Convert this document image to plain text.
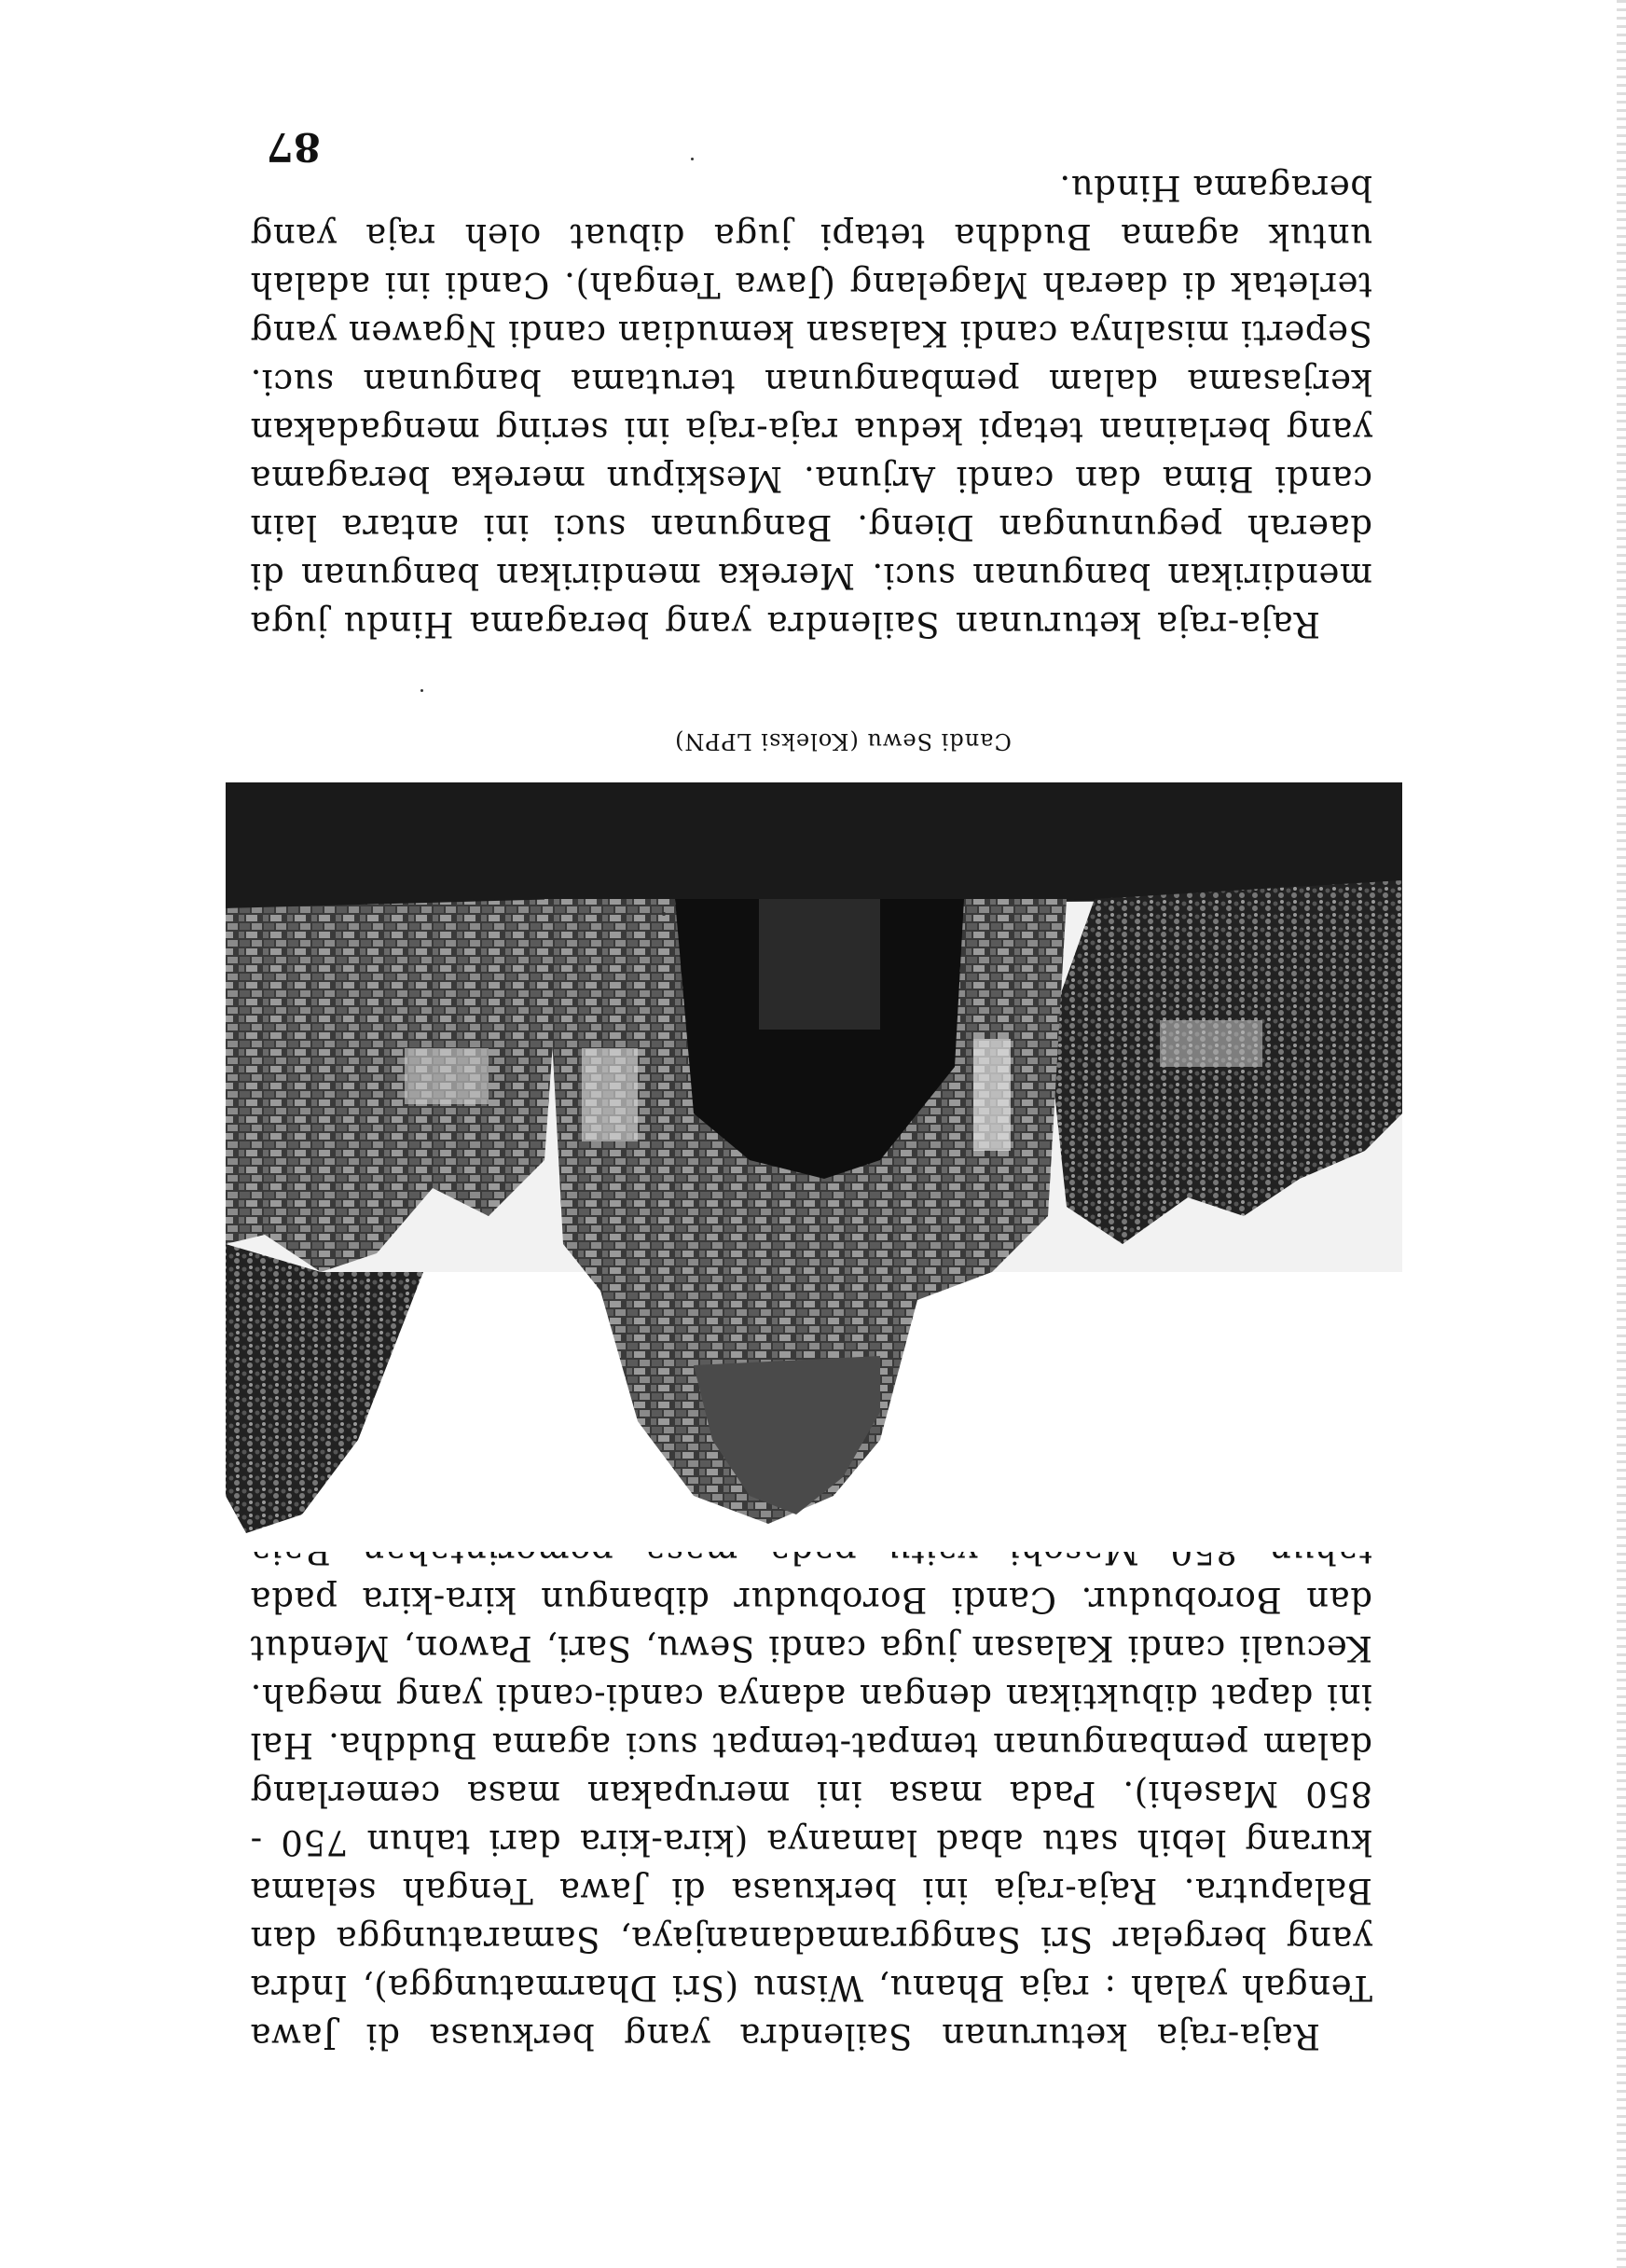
Raja-raja keturunan Sailendra yang berkuasa di Jawa Tengah yalah : raja Bhanu, Wisnu (Sri Dharmatungga), Indra yang bergelar Sri Sanggramadananjaya, Samaratungga dan Balaputra. Raja-raja ini berkuasa di Jawa Tengah selama kurang lebih satu abad lamanya (kira-kira dari tahun 750 - 850 Masehi). Pada masa ini merupakan masa cemerlang dalam pembangunan tempat-tempat suci agama Buddha. Hal ini dapat dibuktikan dengan adanya candi-candi yang megah. Kecuali candi Kalasan juga candi Sewu, Sari, Pawon, Mendut dan Borobudur. Candi Borobudur dibangun kira-kira pada

Candi Sewu (Koleksi LPPN)

Raja-raja keturunan Sailendra yang beragama Hindu juga mendirikan bangunan suci. Mereka mendirikan bangunan di daerah pegunungan Dieng. Bangunan suci ini antara lain candi Bima dan candi Arjuna. Meskipun mereka beragama yang berlainan tetapi kedua raja-raja ini sering mengadakan kerjasama dalam pembangunan terutama bangunan suci. Seperti misalnya candi Kalasan kemudian candi Ngawen yang terletak di daerah Magelang (Jawa Tengah). Candi ini adalah untuk agama Buddha tetapi juga dibuat oleh raja yang beragama Hindu.

87
